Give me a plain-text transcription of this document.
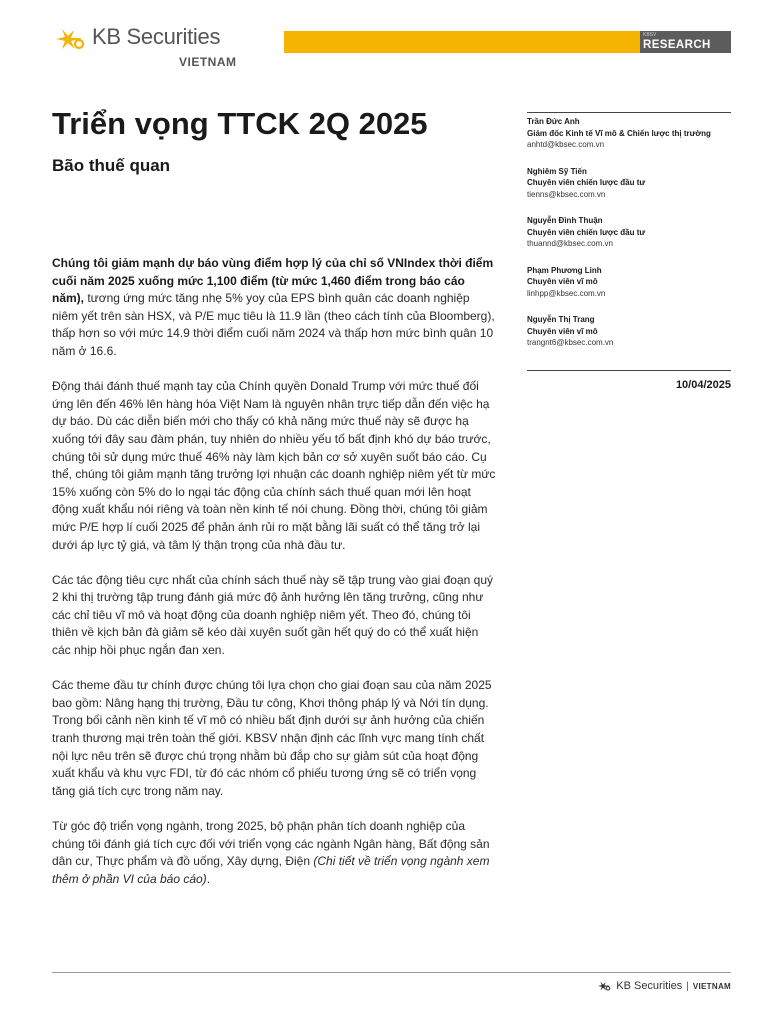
KB Securities
VIETNAM
KBSV
RESEARCH
Triển vọng TTCK 2Q 2025
Bão thuế quan

Chúng tôi giảm mạnh dự báo vùng điểm hợp lý của chỉ số VNIndex thời điểm cuối năm 2025 xuống mức 1,100 điểm (từ mức 1,460 điểm trong báo cáo năm), tương ứng mức tăng nhẹ 5% yoy của EPS bình quân các doanh nghiệp niêm yết trên sàn HSX, và P/E mục tiêu là 11.9 lần (theo cách tính của Bloomberg), thấp hơn so với mức 14.9 thời điểm cuối năm 2024 và thấp hơn mức bình quân 10 năm ở 16.6.

Động thái đánh thuế mạnh tay của Chính quyền Donald Trump với mức thuế đối ứng lên đến 46% lên hàng hóa Việt Nam là nguyên nhân trực tiếp dẫn đến việc hạ dự báo. Dù các diễn biến mới cho thấy có khả năng mức thuế này sẽ được hạ xuống tới đây sau đàm phán, tuy nhiên do nhiều yếu tố bất định khó dự báo trước, chúng tôi sử dụng mức thuế 46% này làm kịch bản cơ sở xuyên suốt báo cáo. Cụ thể, chúng tôi giảm mạnh tăng trưởng lợi nhuận các doanh nghiệp niêm yết từ mức 15% xuống còn 5% do lo ngại tác động của chính sách thuế quan mới lên hoạt động xuất khẩu nói riêng và toàn nền kinh tế nói chung. Đồng thời, chúng tôi giảm mức P/E hợp lí cuối 2025 để phản ánh rủi ro mặt bằng lãi suất có thể tăng trở lại dưới áp lực tỷ giá, và tâm lý thận trọng của nhà đầu tư.

Các tác động tiêu cực nhất của chính sách thuế này sẽ tập trung vào giai đoạn quý 2 khi thị trường tập trung đánh giá mức độ ảnh hưởng lên tăng trưởng, cũng như các chỉ tiêu vĩ mô và hoạt động của doanh nghiệp niêm yết. Theo đó, chúng tôi thiên về kịch bản đà giảm sẽ kéo dài xuyên suốt gần hết quý do có thể xuất hiện các nhịp hồi phục ngắn đan xen.

Các theme đầu tư chính được chúng tôi lựa chọn cho giai đoạn sau của năm 2025 bao gồm: Nâng hạng thị trường, Đầu tư công, Khơi thông pháp lý và Nới tín dụng. Trong bối cảnh nền kinh tế vĩ mô có nhiều bất định dưới sự ảnh hưởng của chiến tranh thương mại trên toàn thế giới. KBSV nhận định các lĩnh vực mang tính chất nội lực nêu trên sẽ được chú trọng nhằm bù đắp cho sự giảm sút của hoạt động xuất khẩu và khu vực FDI, từ đó các nhóm cổ phiếu tương ứng sẽ có triển vọng tăng giá tích cực trong năm nay.

Từ góc độ triển vọng ngành, trong 2025, bộ phận phân tích doanh nghiệp của chúng tôi đánh giá tích cực đối với triển vọng các ngành Ngân hàng, Bất động sản dân cư, Thực phẩm và đồ uống, Xây dựng, Điện (Chi tiết về triển vọng ngành xem thêm ở phần VI của báo cáo).

Trần Đức Anh
Giám đốc Kinh tế Vĩ mô & Chiến lược thị trường
anhtd@kbsec.com.vn
Nghiêm Sỹ Tiến
Chuyên viên chiến lược đầu tư
tienns@kbsec.com.vn
Nguyễn Đình Thuận
Chuyên viên chiến lược đầu tư
thuannd@kbsec.com.vn
Phạm Phương Linh
Chuyên viên vĩ mô
linhpp@kbsec.com.vn
Nguyễn Thị Trang
Chuyên viên vĩ mô
trangnt6@kbsec.com.vn
10/04/2025
KB Securities | VIETNAM
